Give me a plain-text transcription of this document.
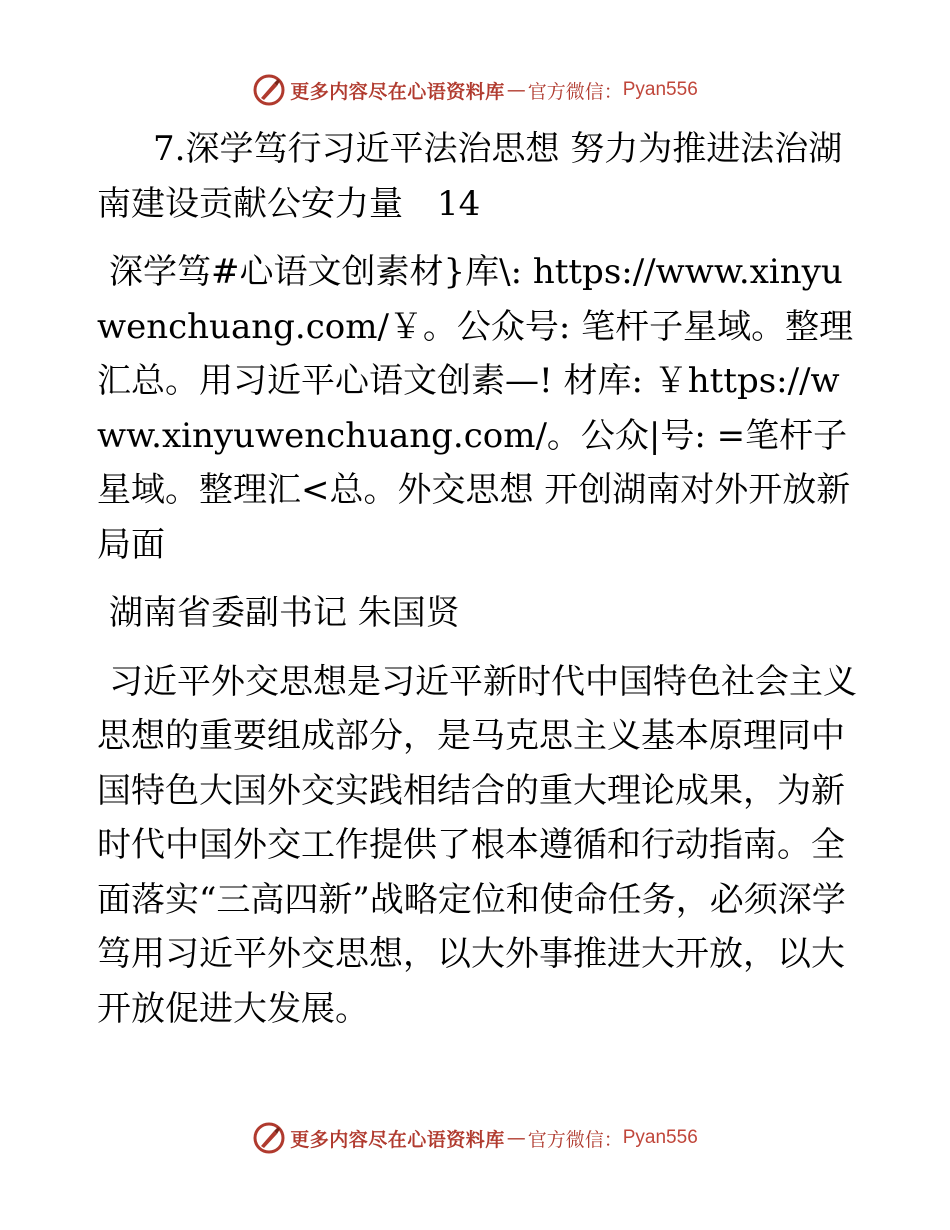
更多内容尽在心语资料库 — 官方微信： Pyan556

7.深学笃行习近平法治思想 努力为推进法治湖南建设贡献公安力量　14

深学笃#心语文创素材}库\: https://www.xinyuwenchuang.com/￥。公众号: 笔杆子星域。整理汇总。用习近平心语文创素—! 材库: ￥https://www.xinyuwenchuang.com/。公众|号: =笔杆子星域。整理汇<总。外交思想 开创湖南对外开放新局面

湖南省委副书记 朱国贤

习近平外交思想是习近平新时代中国特色社会主义思想的重要组成部分，是马克思主义基本原理同中国特色大国外交实践相结合的重大理论成果，为新时代中国外交工作提供了根本遵循和行动指南。全面落实“三高四新”战略定位和使命任务，必须深学笃用习近平外交思想，以大外事推进大开放，以大开放促进大发展。

更多内容尽在心语资料库 — 官方微信： Pyan556
